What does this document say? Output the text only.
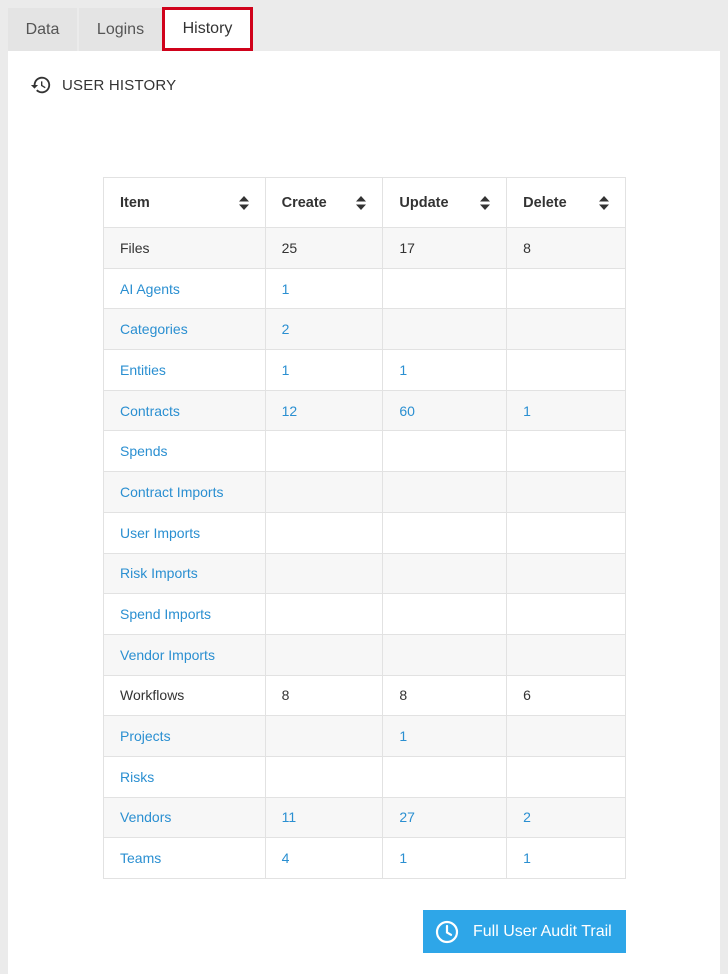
Data	Logins	History
USER HISTORY
Item	Create	Update	Delete

Files	25	17	8
AI Agents	1		
Categories	2		
Entities	1	1	
Contracts	12	60	1
Spends			
Contract Imports			
User Imports			
Risk Imports			
Spend Imports			
Vendor Imports			
Workflows	8	8	6
Projects		1	
Risks			
Vendors	11	27	2
Teams	4	1	1
Full User Audit Trail
